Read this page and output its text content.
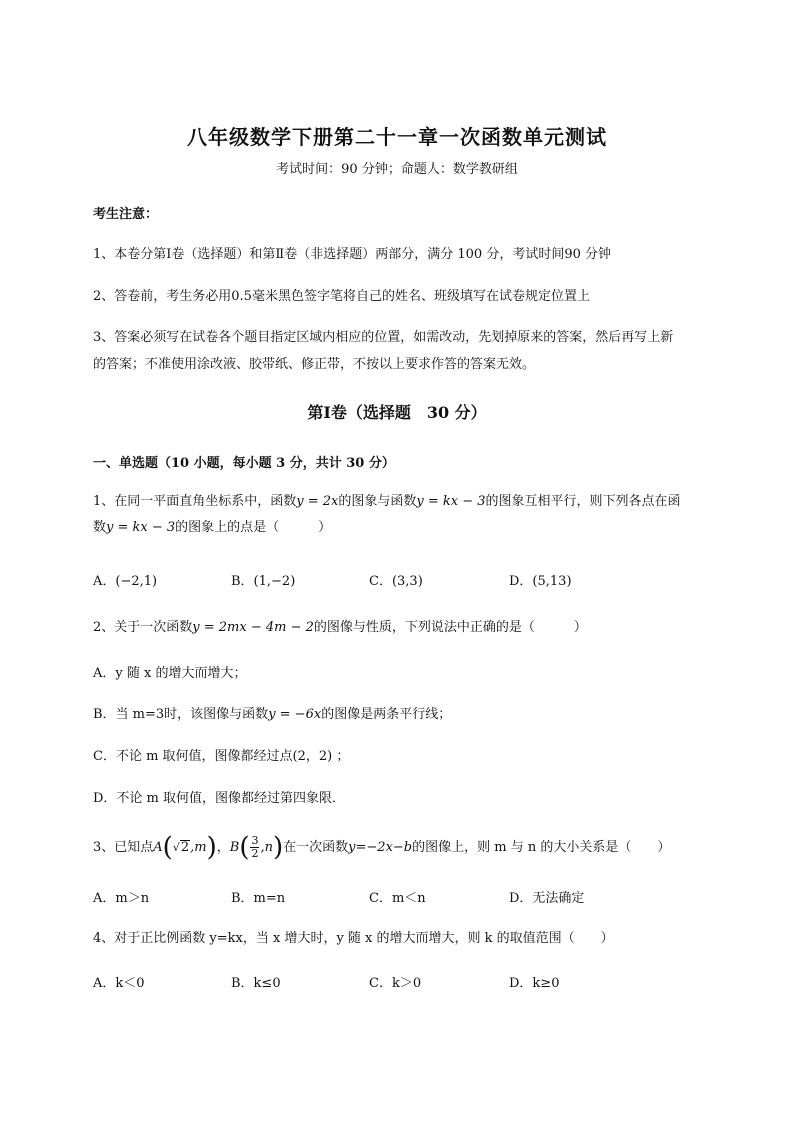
八年级数学下册第二十一章一次函数单元测试
考试时间：90 分钟；命题人：数学教研组
考生注意：
1、本卷分第Ⅰ卷（选择题）和第Ⅱ卷（非选择题）两部分，满分 100 分，考试时间90 分钟
2、答卷前，考生务必用0.5毫米黑色签字笔将自己的姓名、班级填写在试卷规定位置上
3、答案必须写在试卷各个题目指定区域内相应的位置，如需改动，先划掉原来的答案，然后再写上新
的答案；不准使用涂改液、胶带纸、修正带，不按以上要求作答的答案无效。
第Ⅰ卷（选择题　30 分）
一、单选题（10 小题，每小题 3 分，共计 30 分）
1、在同一平面直角坐标系中，函数y = 2x的图象与函数y = kx − 3的图象互相平行，则下列各点在函
数y = kx − 3的图象上的点是（　　　）
A．(−2,1)	B．(1,−2)	C．(3,3)	D．(5,13)
2、关于一次函数y = 2mx − 4m − 2的图像与性质，下列说法中正确的是（　　　）
A．y 随 x 的增大而增大；
B．当 m=3时，该图像与函数y = −6x的图像是两条平行线；
C．不论 m 取何值，图像都经过点(2，2) ；
D．不论 m 取何值，图像都经过第四象限．
3、已知点A(√2,m)，$B( \frac{3}{2} ,n)$在一次函数y=−2x−b的图像上，则 m 与 n 的大小关系是（　　）
A．m＞n	B．m=n	C．m＜n	D．无法确定
4、对于正比例函数 y=kx，当 x 增大时，y 随 x 的增大而增大，则 k 的取值范围（　　）
A．k＜0	B．k≤0	C．k＞0	D．k≥0
